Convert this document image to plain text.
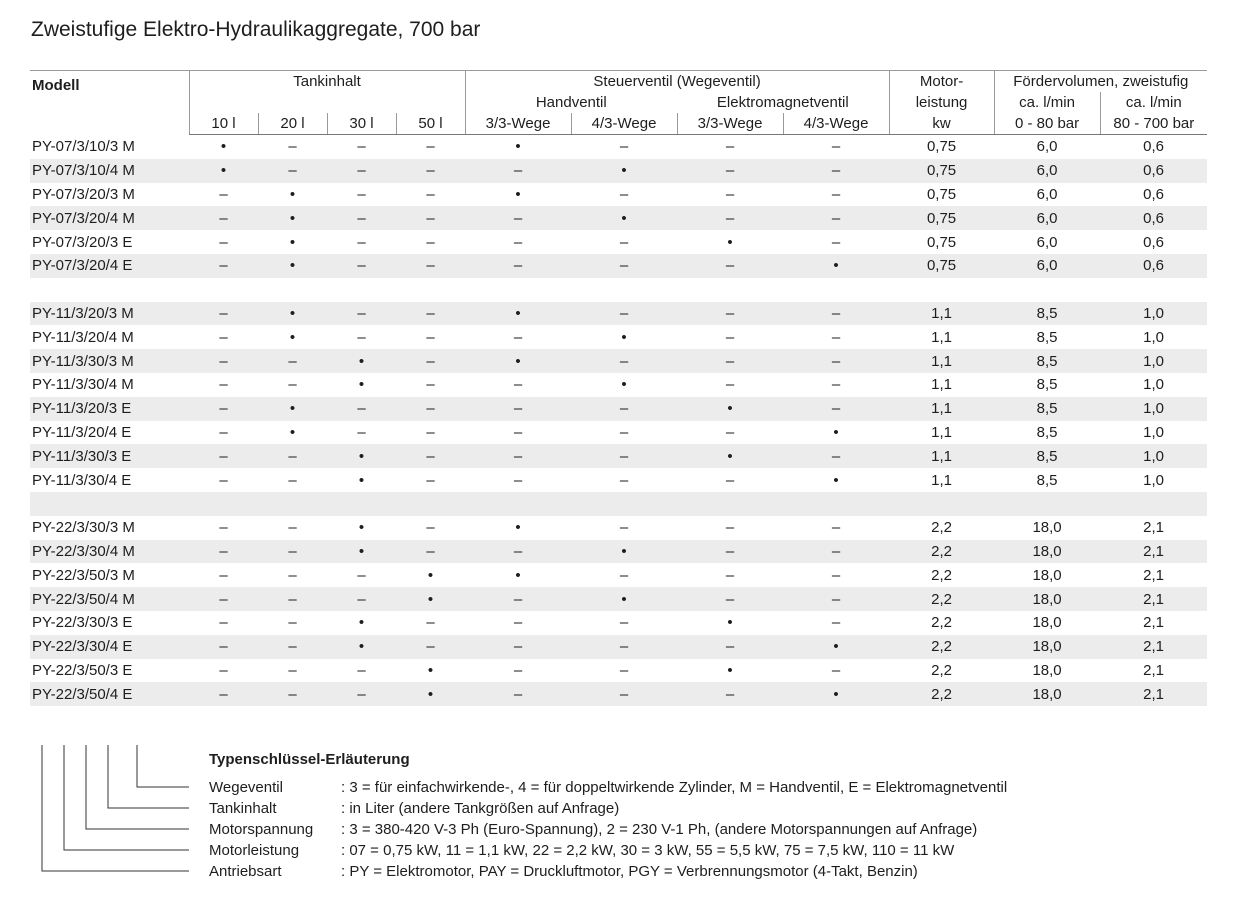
Zweistufige Elektro-Hydraulikaggregate, 700 bar
Modell	Tankinhalt				Steuerventil (Wegeventil)				Motor-
leistung	Fördervolumen, zweistufig	
					Handventil		Elektromagnetventil			ca. l/min	ca. l/min
	10 l	20 l	30 l	50 l	3/3-Wege	4/3-Wege	3/3-Wege	4/3-Wege	kw	0 - 80 bar	80 - 700 bar
PY-07/3/10/3 M	•	–	–	–	•	–	–	–	0,75	6,0	0,6
PY-07/3/10/4 M	•	–	–	–	–	•	–	–	0,75	6,0	0,6
PY-07/3/20/3 M	–	•	–	–	•	–	–	–	0,75	6,0	0,6
PY-07/3/20/4 M	–	•	–	–	–	•	–	–	0,75	6,0	0,6
PY-07/3/20/3 E	–	•	–	–	–	–	•	–	0,75	6,0	0,6
PY-07/3/20/4 E	–	•	–	–	–	–	–	•	0,75	6,0	0,6

PY-11/3/20/3 M	–	•	–	–	•	–	–	–	1,1	8,5	1,0
PY-11/3/20/4 M	–	•	–	–	–	•	–	–	1,1	8,5	1,0
PY-11/3/30/3 M	–	–	•	–	•	–	–	–	1,1	8,5	1,0
PY-11/3/30/4 M	–	–	•	–	–	•	–	–	1,1	8,5	1,0
PY-11/3/20/3 E	–	•	–	–	–	–	•	–	1,1	8,5	1,0
PY-11/3/20/4 E	–	•	–	–	–	–	–	•	1,1	8,5	1,0
PY-11/3/30/3 E	–	–	•	–	–	–	•	–	1,1	8,5	1,0
PY-11/3/30/4 E	–	–	•	–	–	–	–	•	1,1	8,5	1,0

PY-22/3/30/3 M	–	–	•	–	•	–	–	–	2,2	18,0	2,1
PY-22/3/30/4 M	–	–	•	–	–	•	–	–	2,2	18,0	2,1
PY-22/3/50/3 M	–	–	–	•	•	–	–	–	2,2	18,0	2,1
PY-22/3/50/4 M	–	–	–	•	–	•	–	–	2,2	18,0	2,1
PY-22/3/30/3 E	–	–	•	–	–	–	•	–	2,2	18,0	2,1
PY-22/3/30/4 E	–	–	•	–	–	–	–	•	2,2	18,0	2,1
PY-22/3/50/3 E	–	–	–	•	–	–	•	–	2,2	18,0	2,1
PY-22/3/50/4 E	–	–	–	•	–	–	–	•	2,2	18,0	2,1

Typenschlüssel-Erläuterung

Wegeventil	: 3 = für einfachwirkende-, 4 = für doppeltwirkende Zylinder, M = Handventil, E = Elektromagnetventil
Tankinhalt	: in Liter (andere Tankgrößen auf Anfrage)
Motorspannung : 3 = 380-420 V-3 Ph (Euro-Spannung), 2 = 230 V-1 Ph, (andere Motorspannungen auf Anfrage)
Motorleistung	: 07 = 0,75 kW, 11 = 1,1 kW, 22 = 2,2 kW, 30 = 3 kW, 55 = 5,5 kW, 75 = 7,5 kW, 110 = 11 kW
Antriebsart	: PY = Elektromotor, PAY = Druckluftmotor, PGY = Verbrennungsmotor (4-Takt, Benzin)
